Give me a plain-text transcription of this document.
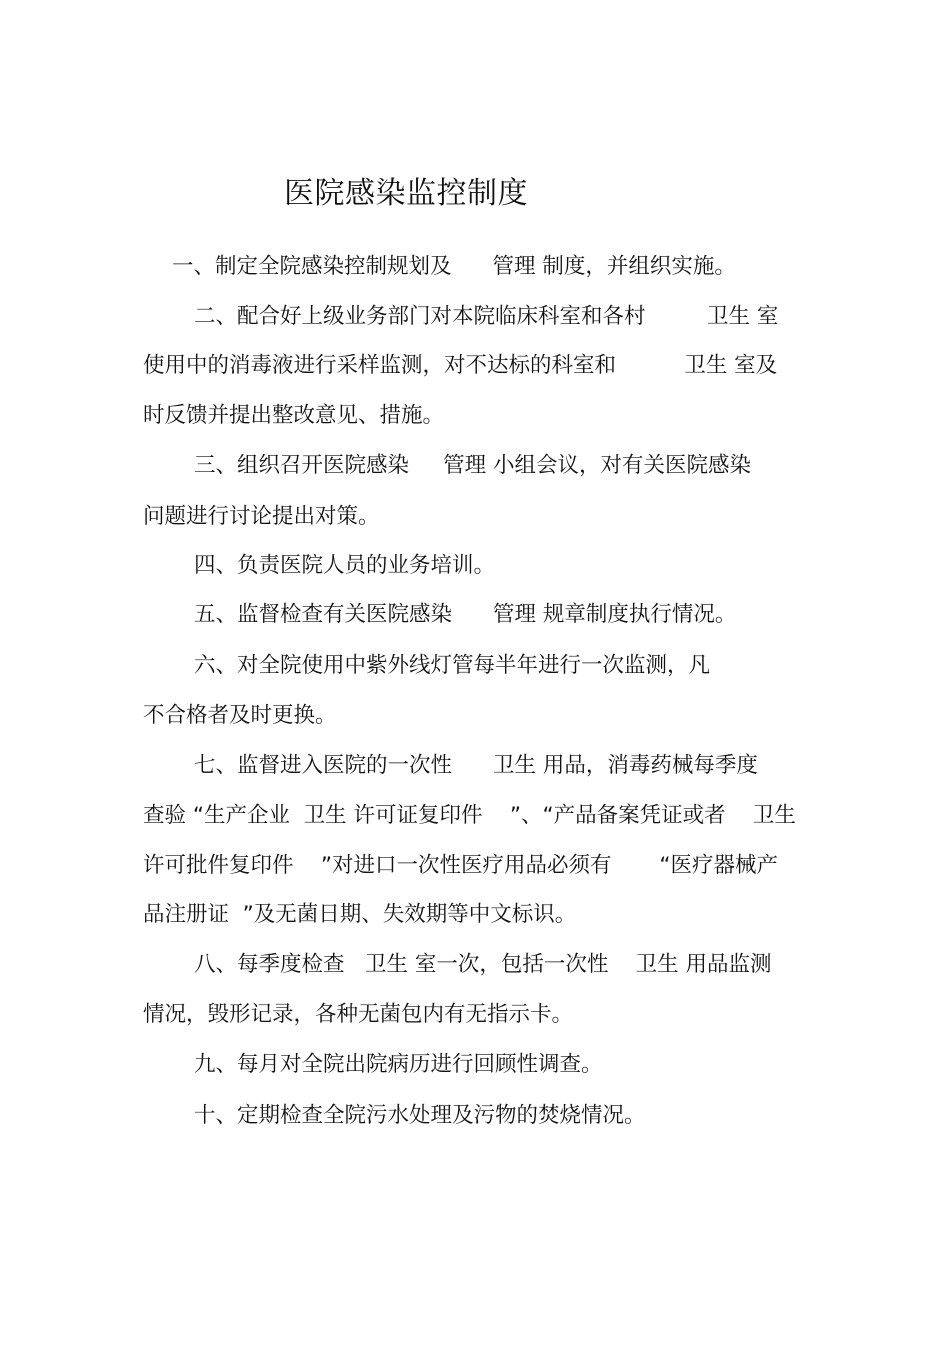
医院感染监控制度
一、制定全院感染控制规划及      管理 制度，并组织实施。
二、配合好上级业务部门对本院临床科室和各村         卫生 室
使用中的消毒液进行采样监测，对不达标的科室和          卫生 室及
时反馈并提出整改意见、措施。
三、组织召开医院感染     管理 小组会议，对有关医院感染
问题进行讨论提出对策。
四、负责医院人员的业务培训。
五、监督检查有关医院感染      管理 规章制度执行情况。
六、对全院使用中紫外线灯管每半年进行一次监测，凡
不合格者及时更换。
七、监督进入医院的一次性      卫生 用品，消毒药械每季度
查验 “生产企业  卫生 许可证复印件    ”、“产品备案凭证或者    卫生
许可批件复印件    ”对进口一次性医疗用品必须有       “医疗器械产
品注册证  ”及无菌日期、失效期等中文标识。
八、每季度检查   卫生 室一次，包括一次性    卫生 用品监测
情况，毁形记录，各种无菌包内有无指示卡。
九、每月对全院出院病历进行回顾性调查。
十、定期检查全院污水处理及污物的焚烧情况。
